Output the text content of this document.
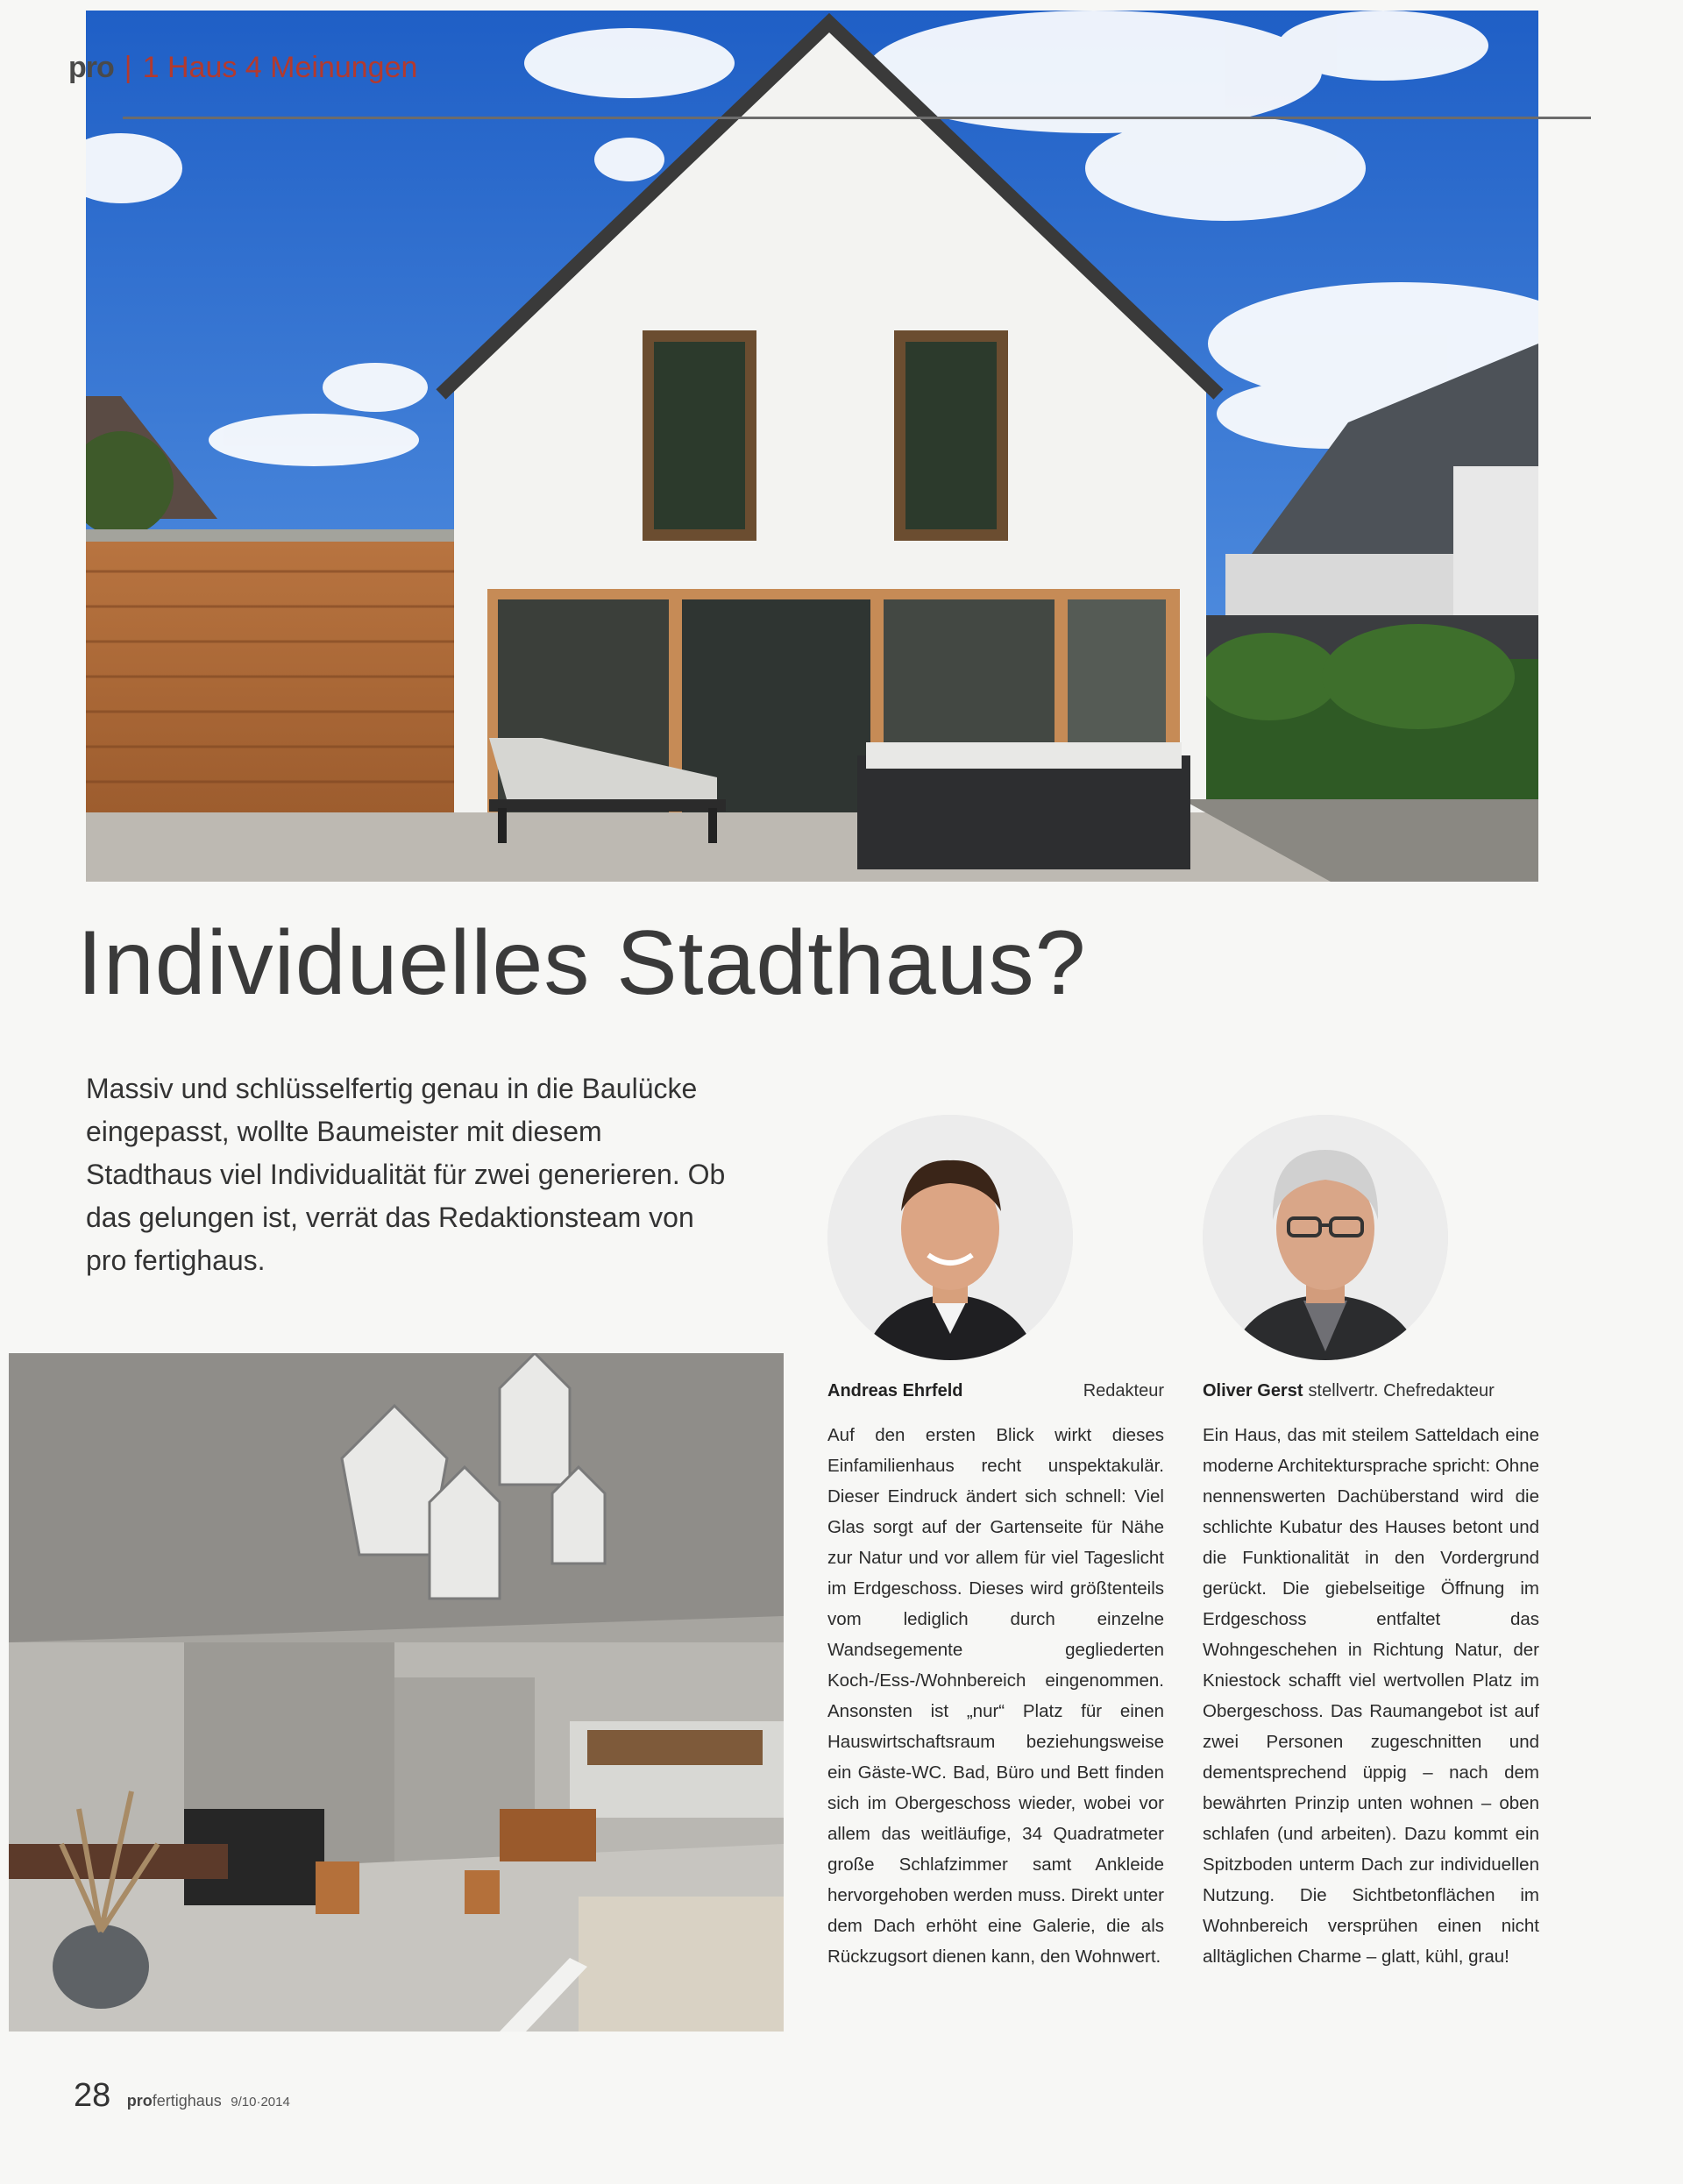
pro | 1 Haus 4 Meinungen
Individuelles Stadthaus?

Massiv und schlüsselfertig genau in die Baulücke eingepasst, wollte Baumeister mit diesem Stadthaus viel Individualität für zwei generieren. Ob das gelungen ist, verrät das Redaktionsteam von pro fertighaus.

Andreas Ehrfeld	Redakteur Oliver Gerst stellvertr. Chefredakteur

Auf den ersten Blick wirkt dieses Einfamilienhaus recht unspektakulär. Dieser Eindruck ändert sich schnell: Viel Glas sorgt auf der Gartenseite für Nähe zur Natur und vor allem für viel Tageslicht im Erdgeschoss. Dieses wird größtenteils vom lediglich durch einzelne Wandsegemente gegliederten Koch-/Ess-/Wohnbereich eingenommen. Ansonsten ist „nur“ Platz für einen Hauswirtschaftsraum beziehungsweise ein Gäste-WC. Bad, Büro und Bett finden sich im Obergeschoss wieder, wobei vor allem das weitläufige, 34 Quadratmeter große Schlafzimmer samt Ankleide hervorgehoben werden muss. Direkt unter dem Dach erhöht eine Galerie, die als Rückzugsort dienen kann, den Wohnwert.

Ein Haus, das mit steilem Satteldach eine moderne Architektursprache spricht: Ohne nennenswerten Dachüberstand wird die schlichte Kubatur des Hauses betont und die Funktionalität in den Vordergrund gerückt. Die giebelseitige Öffnung im Erdgeschoss entfaltet das Wohngeschehen in Richtung Natur, der Kniestock schafft viel wertvollen Platz im Obergeschoss. Das Raumangebot ist auf zwei Personen zugeschnitten und dementsprechend üppig – nach dem bewährten Prinzip unten wohnen – oben schlafen (und arbeiten). Dazu kommt ein Spitzboden unterm Dach zur individuellen Nutzung. Die Sichtbetonflächen im Wohnbereich versprühen einen nicht alltäglichen Charme – glatt, kühl, grau!

28 profertighaus 9/10·2014
